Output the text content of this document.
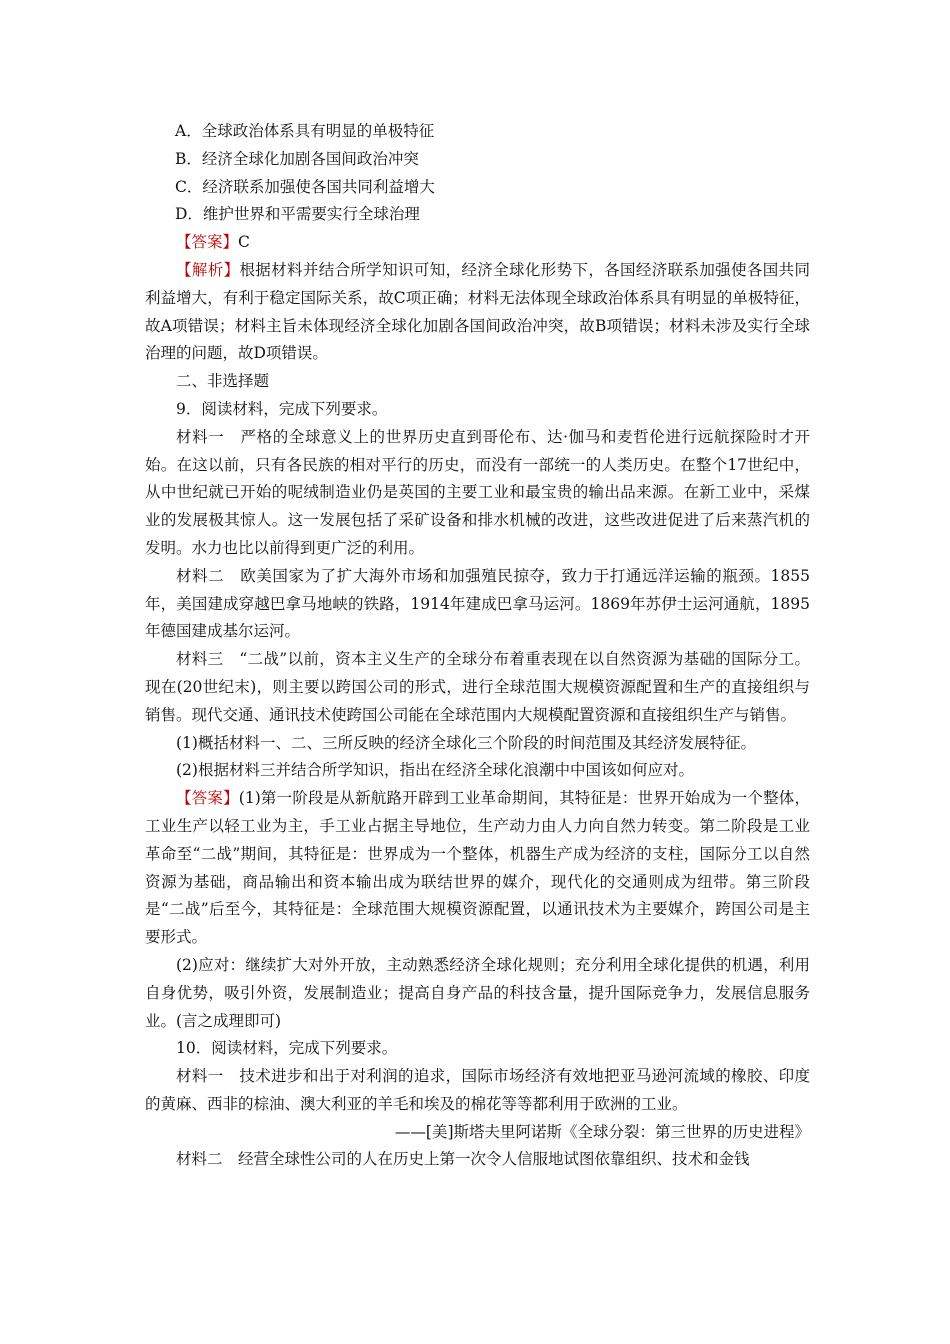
A．全球政治体系具有明显的单极特征
B．经济全球化加剧各国间政治冲突
C．经济联系加强使各国共同利益增大
D．维护世界和平需要实行全球治理
【答案】C
【解析】根据材料并结合所学知识可知，经济全球化形势下，各国经济联系加强使各国共同利益增大，有利于稳定国际关系，故C项正确；材料无法体现全球政治体系具有明显的单极特征，故A项错误；材料主旨未体现经济全球化加剧各国间政治冲突，故B项错误；材料未涉及实行全球治理的问题，故D项错误。
二、非选择题
9．阅读材料，完成下列要求。
材料一　严格的全球意义上的世界历史直到哥伦布、达·伽马和麦哲伦进行远航探险时才开始。在这以前，只有各民族的相对平行的历史，而没有一部统一的人类历史。在整个17世纪中，从中世纪就已开始的呢绒制造业仍是英国的主要工业和最宝贵的输出品来源。在新工业中，采煤业的发展极其惊人。这一发展包括了采矿设备和排水机械的改进，这些改进促进了后来蒸汽机的发明。水力也比以前得到更广泛的利用。
材料二　欧美国家为了扩大海外市场和加强殖民掠夺，致力于打通远洋运输的瓶颈。1855年，美国建成穿越巴拿马地峡的铁路，1914年建成巴拿马运河。1869年苏伊士运河通航，1895年德国建成基尔运河。
材料三　“二战”以前，资本主义生产的全球分布着重表现在以自然资源为基础的国际分工。现在(20世纪末)，则主要以跨国公司的形式，进行全球范围大规模资源配置和生产的直接组织与销售。现代交通、通讯技术使跨国公司能在全球范围内大规模配置资源和直接组织生产与销售。
(1)概括材料一、二、三所反映的经济全球化三个阶段的时间范围及其经济发展特征。
(2)根据材料三并结合所学知识，指出在经济全球化浪潮中中国该如何应对。
【答案】(1)第一阶段是从新航路开辟到工业革命期间，其特征是：世界开始成为一个整体，工业生产以轻工业为主，手工业占据主导地位，生产动力由人力向自然力转变。第二阶段是工业革命至“二战”期间，其特征是：世界成为一个整体，机器生产成为经济的支柱，国际分工以自然资源为基础，商品输出和资本输出成为联结世界的媒介，现代化的交通则成为纽带。第三阶段是“二战”后至今，其特征是：全球范围大规模资源配置，以通讯技术为主要媒介，跨国公司是主要形式。
(2)应对：继续扩大对外开放，主动熟悉经济全球化规则；充分利用全球化提供的机遇，利用自身优势，吸引外资，发展制造业；提高自身产品的科技含量，提升国际竞争力，发展信息服务业。(言之成理即可)
10．阅读材料，完成下列要求。
材料一　技术进步和出于对利润的追求，国际市场经济有效地把亚马逊河流域的橡胶、印度的黄麻、西非的棕油、澳大利亚的羊毛和埃及的棉花等等都利用于欧洲的工业。
——[美]斯塔夫里阿诺斯《全球分裂：第三世界的历史进程》
材料二　经营全球性公司的人在历史上第一次令人信服地试图依靠组织、技术和金钱
